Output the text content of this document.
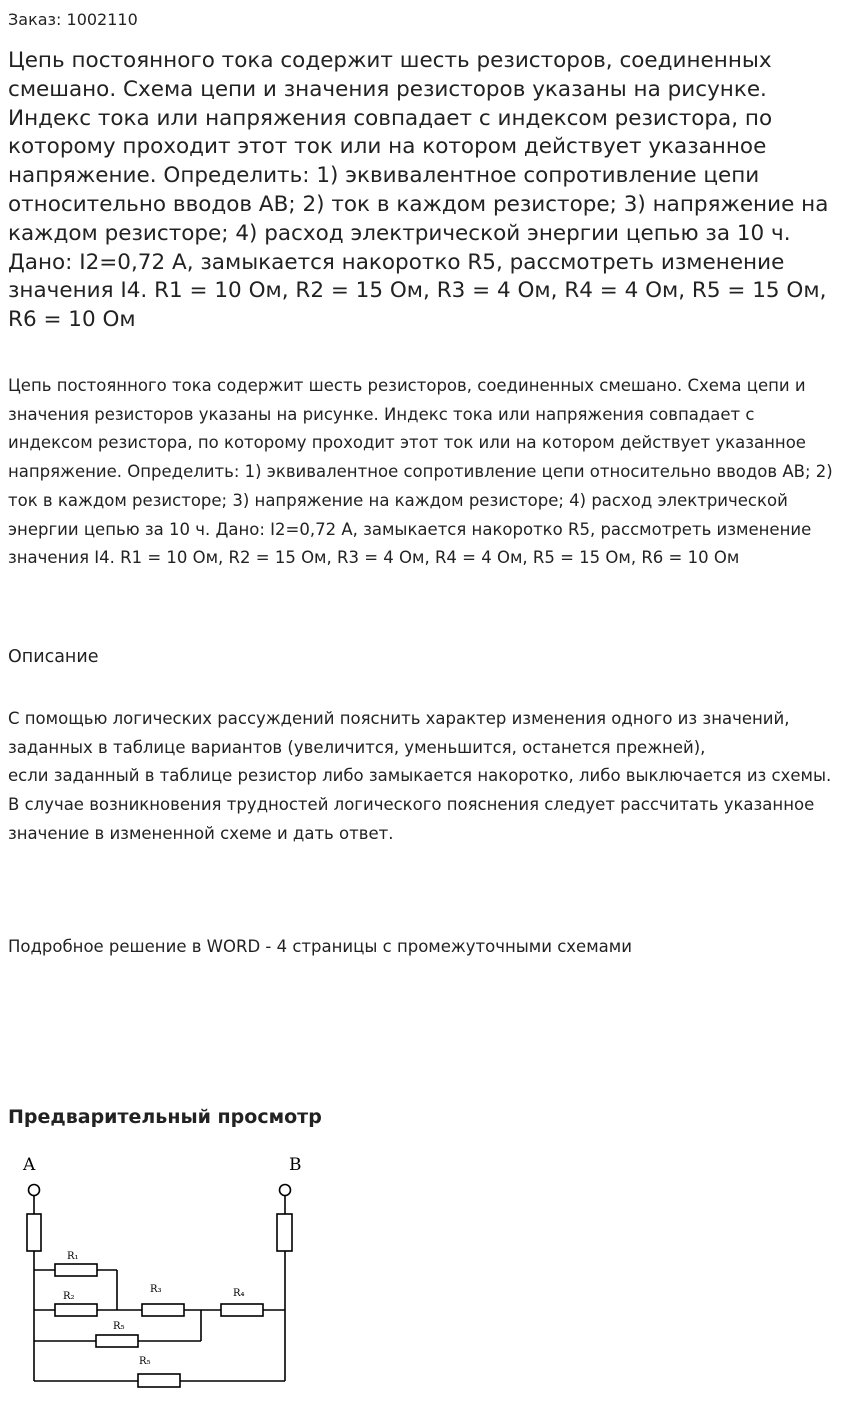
Заказ: 1002110
Цепь постоянного тока содержит шесть резисторов, соединенных смешано. Схема цепи и значения резисторов указаны на рисунке. Индекс тока или напряжения совпадает с индексом резистора, по которому проходит этот ток или на котором действует указанное напряжение. Определить: 1) эквивалентное сопротивление цепи относительно вводов AB; 2) ток в каждом резисторе; 3) напряжение на каждом резисторе; 4) расход электрической энергии цепью за 10 ч. Дано: I2=0,72 А, замыкается накоротко R5, рассмотреть изменение значения I4. R1 = 10 Ом, R2 = 15 Ом, R3 = 4 Ом, R4 = 4 Ом, R5 = 15 Ом, R6 = 10 Ом

Цепь постоянного тока содержит шесть резисторов, соединенных смешано. Схема цепи и значения резисторов указаны на рисунке. Индекс тока или напряжения совпадает с индексом резистора, по которому проходит этот ток или на котором действует указанное напряжение. Определить: 1) эквивалентное сопротивление цепи относительно вводов AB; 2) ток в каждом резисторе; 3) напряжение на каждом резисторе; 4) расход электрической энергии цепью за 10 ч. Дано: I2=0,72 А, замыкается накоротко R5, рассмотреть изменение значения I4. R1 = 10 Ом, R2 = 15 Ом, R3 = 4 Ом, R4 = 4 Ом, R5 = 15 Ом, R6 = 10 Ом

Описание

С помощью логических рассуждений пояснить характер изменения одного из значений, заданных в таблице вариантов (увеличится, уменьшится, останется прежней),
если заданный в таблице резистор либо замыкается накоротко, либо выключается из схемы. В случае возникновения трудностей логического пояснения следует рассчитать указанное значение в измененной схеме и дать ответ.

Подробное решение в WORD - 4 страницы с промежуточными схемами

Предварительный просмотр
A	B
R₁
R₂
R₃	R₄
R₅
R₅
